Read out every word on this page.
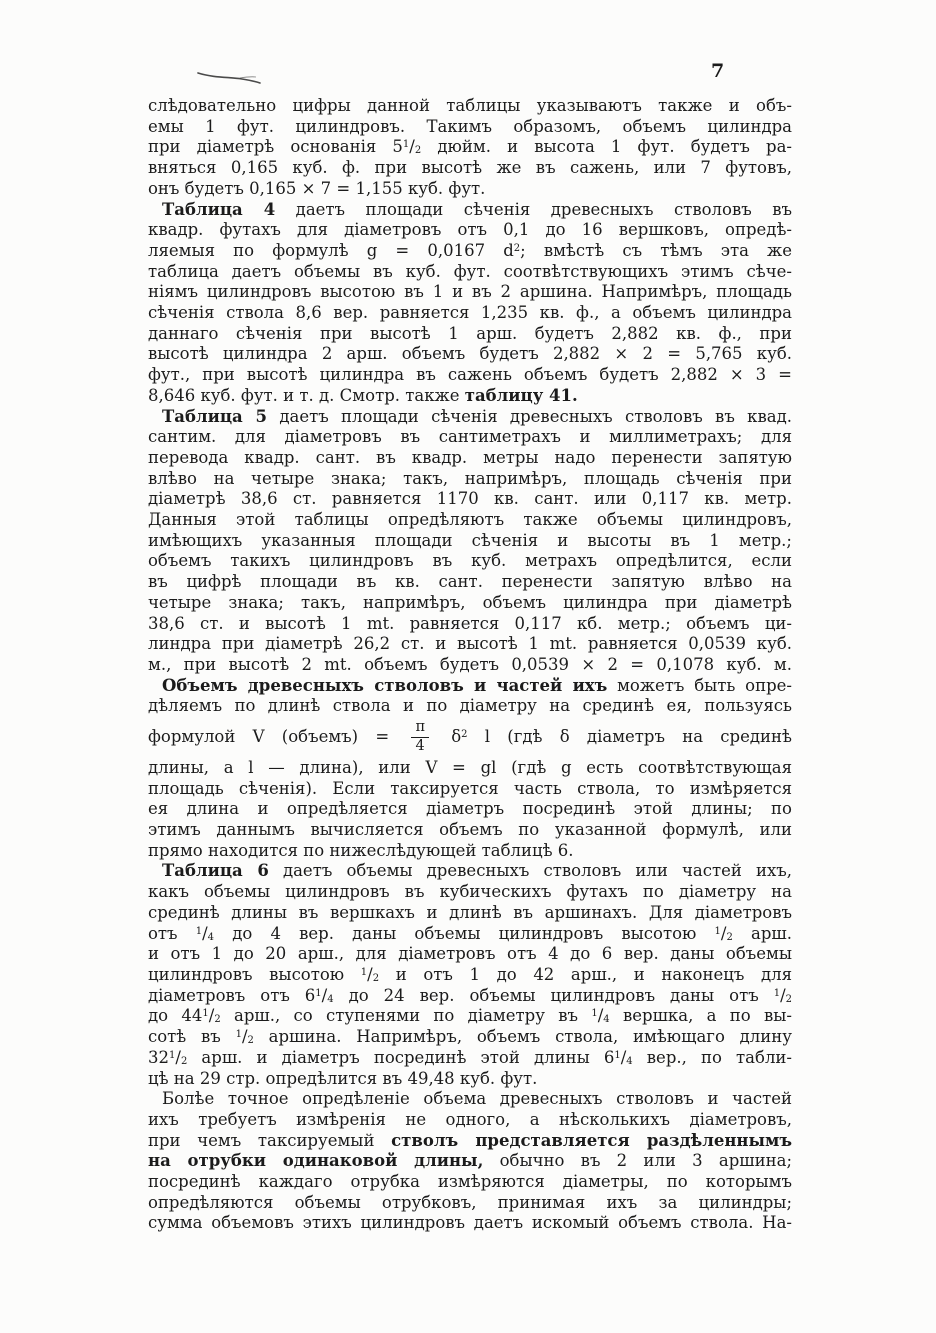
7
слѣдовательно цифры данной таблицы указываютъ также и объ-
емы 1 фут. цилиндровъ. Такимъ образомъ, объемъ цилиндра
при діаметрѣ основанія $5^1/_2$ дюйм. и высота 1 фут. будетъ ра-
вняться 0,165 куб. ф. при высотѣ же въ сажень, или 7 футовъ,
онъ будетъ 0,165 × 7 = 1,155 куб. фут.
Таблица 4 даетъ площади сѣченія древесныхъ стволовъ въ
квадр. футахъ для діаметровъ отъ 0,1 до 16 вершковъ, опредѣ-
ляемыя по формулѣ g = 0,0167 $d^2$; вмѣстѣ съ тѣмъ эта же
таблица даетъ объемы въ куб. фут. соотвѣтствующихъ этимъ сѣче-
ніямъ цилиндровъ высотою въ 1 и въ 2 аршина. Напримѣръ, площадь
сѣченія ствола 8,6 вер. равняется 1,235 кв. ф., а объемъ цилиндра
даннаго сѣченія при высотѣ 1 арш. будетъ 2,882 кв. ф., при
высотѣ цилиндра 2 арш. объемъ будетъ 2,882 × 2 = 5,765 куб.
фут., при высотѣ цилиндра въ сажень объемъ будетъ 2,882 × 3 =
8,646 куб. фут. и т. д. Смотр. также таблицу 41.
Таблица 5 даетъ площади сѣченія древесныхъ стволовъ въ квад.
сантим. для діаметровъ въ сантиметрахъ и миллиметрахъ; для
перевода квадр. сант. въ квадр. метры надо перенести запятую
влѣво на четыре знака; такъ, напримѣръ, площадь сѣченія при
діаметрѣ 38,6 ст. равняется 1170 кв. сант. или 0,117 кв. метр.
Данныя этой таблицы опредѣляютъ также объемы цилиндровъ,
имѣющихъ указанныя площади сѣченія и высоты въ 1 метр.;
объемъ такихъ цилиндровъ въ куб. метрахъ опредѣлится, если
въ цифрѣ площади въ кв. сант. перенести запятую влѣво на
четыре знака; такъ, напримѣръ, объемъ цилиндра при діаметрѣ
38,6 ст. и высотѣ 1 mt. равняется 0,117 кб. метр.; объемъ ци-
линдра при діаметрѣ 26,2 ст. и высотѣ 1 mt. равняется 0,0539 куб.
м., при высотѣ 2 mt. объемъ будетъ 0,0539 × 2 = 0,1078 куб. м.
Объемъ древесныхъ стволовъ и частей ихъ можетъ быть опре-
дѣляемъ по длинѣ ствола и по діаметру на срединѣ ея, пользуясь
формулой V (объемъ) = $\frac{\pi}{4} \delta^2$ l (гдѣ δ діаметръ на срединѣ
длины, а l — длина), или V = gl (гдѣ g есть соотвѣтствующая
площадь сѣченія). Если таксируется часть ствола, то измѣряется
ея длина и опредѣляется діаметръ посрединѣ этой длины; по
этимъ даннымъ вычисляется объемъ по указанной формулѣ, или
прямо находится по нижеслѣдующей таблицѣ 6.
Таблица 6 даетъ объемы древесныхъ стволовъ или частей ихъ,
какъ объемы цилиндровъ въ кубическихъ футахъ по діаметру на
срединѣ длины въ вершкахъ и длинѣ въ аршинахъ. Для діаметровъ
отъ $^1/_4$ до 4 вер. даны объемы цилиндровъ высотою $^1/_2$ арш.
и отъ 1 до 20 арш., для діаметровъ отъ 4 до 6 вер. даны объемы
цилиндровъ высотою $^1/_2$ и отъ 1 до 42 арш., и наконецъ для
діаметровъ отъ $6^1/_4$ до 24 вер. объемы цилиндровъ даны отъ $^1/_2$
до $44^1/_2$ арш., со ступенями по діаметру въ $^1/_4$ вершка, а по вы-
сотѣ въ $^1/_2$ аршина. Напримѣръ, объемъ ствола, имѣющаго длину
$32^1/_2$ арш. и діаметръ посрединѣ этой длины $6^1/_4$ вер., по табли-
цѣ на 29 стр. опредѣлится въ 49,48 куб. фут.
Болѣе точное опредѣленіе объема древесныхъ стволовъ и частей
ихъ требуетъ измѣренія не одного, а нѣсколькихъ діаметровъ,
при чемъ таксируемый стволъ представляется раздѣленнымъ
на отрубки одинаковой длины, обычно въ 2 или 3 аршина;
посрединѣ каждаго отрубка измѣряются діаметры, по которымъ
опредѣляются объемы отрубковъ, принимая ихъ за цилиндры;
сумма объемовъ этихъ цилиндровъ даетъ искомый объемъ ствола. На-
